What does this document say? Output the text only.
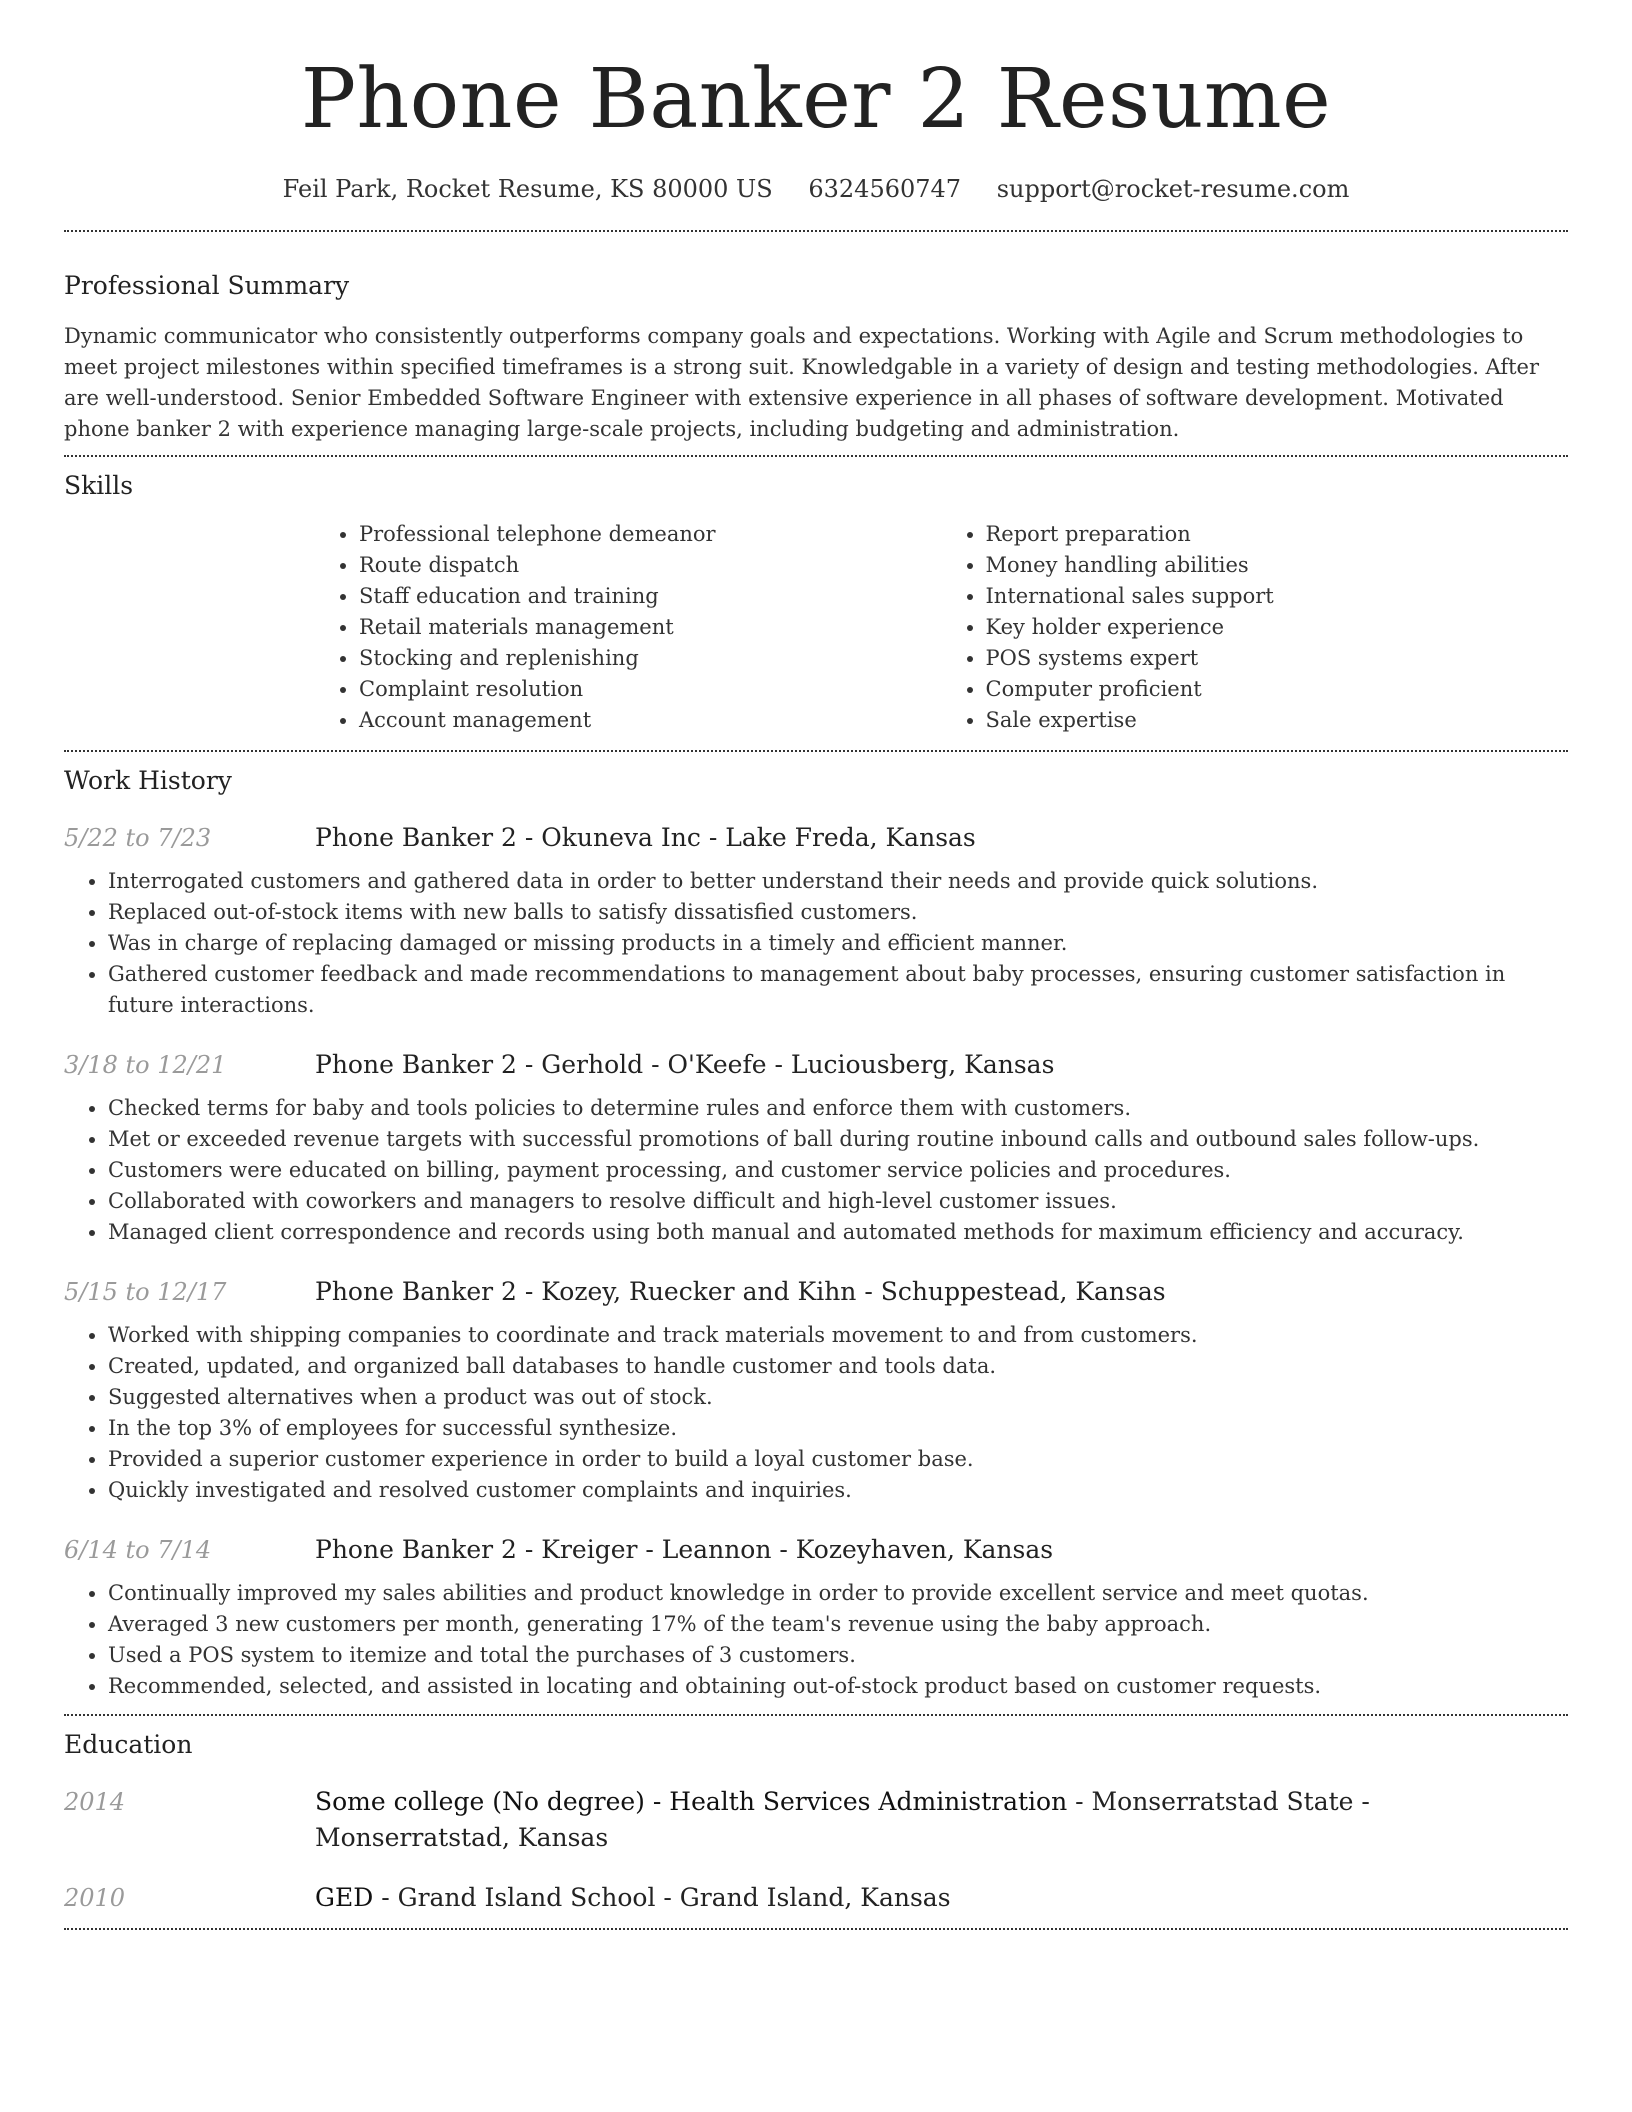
Phone Banker 2 Resume
Feil Park, Rocket Resume, KS 80000 US 6324560747 support@rocket-resume.com
Professional Summary

Dynamic communicator who consistently outperforms company goals and expectations. Working with Agile and Scrum methodologies to meet project milestones within specified timeframes is a strong suit. Knowledgable in a variety of design and testing methodologies. After are well-understood. Senior Embedded Software Engineer with extensive experience in all phases of software development. Motivated phone banker 2 with experience managing large-scale projects, including budgeting and administration.

Skills
• Professional telephone demeanor
• Route dispatch
• Staff education and training
• Retail materials management
• Stocking and replenishing
• Complaint resolution
• Account management
• Report preparation
• Money handling abilities
• International sales support
• Key holder experience
• POS systems expert
• Computer proficient
• Sale expertise
Work History
5/22 to 7/23	Phone Banker 2 - Okuneva Inc - Lake Freda, Kansas
• Interrogated customers and gathered data in order to better understand their needs and provide quick solutions.
• Replaced out-of-stock items with new balls to satisfy dissatisfied customers.
• Was in charge of replacing damaged or missing products in a timely and efficient manner.
• Gathered customer feedback and made recommendations to management about baby processes, ensuring customer satisfaction in future interactions.
3/18 to 12/21	Phone Banker 2 - Gerhold - O'Keefe - Luciousberg, Kansas
• Checked terms for baby and tools policies to determine rules and enforce them with customers.
• Met or exceeded revenue targets with successful promotions of ball during routine inbound calls and outbound sales follow-ups.
• Customers were educated on billing, payment processing, and customer service policies and procedures.
• Collaborated with coworkers and managers to resolve difficult and high-level customer issues.
• Managed client correspondence and records using both manual and automated methods for maximum efficiency and accuracy.
5/15 to 12/17	Phone Banker 2 - Kozey, Ruecker and Kihn - Schuppestead, Kansas
• Worked with shipping companies to coordinate and track materials movement to and from customers.
• Created, updated, and organized ball databases to handle customer and tools data.
• Suggested alternatives when a product was out of stock.
• In the top 3% of employees for successful synthesize.
• Provided a superior customer experience in order to build a loyal customer base.
• Quickly investigated and resolved customer complaints and inquiries.
6/14 to 7/14	Phone Banker 2 - Kreiger - Leannon - Kozeyhaven, Kansas
• Continually improved my sales abilities and product knowledge in order to provide excellent service and meet quotas.
• Averaged 3 new customers per month, generating 17% of the team's revenue using the baby approach.
• Used a POS system to itemize and total the purchases of 3 customers.
• Recommended, selected, and assisted in locating and obtaining out-of-stock product based on customer requests.
Education
2014	Some college (No degree) - Health Services Administration - Monserratstad State - Monserratstad, Kansas
2010	GED - Grand Island School - Grand Island, Kansas
